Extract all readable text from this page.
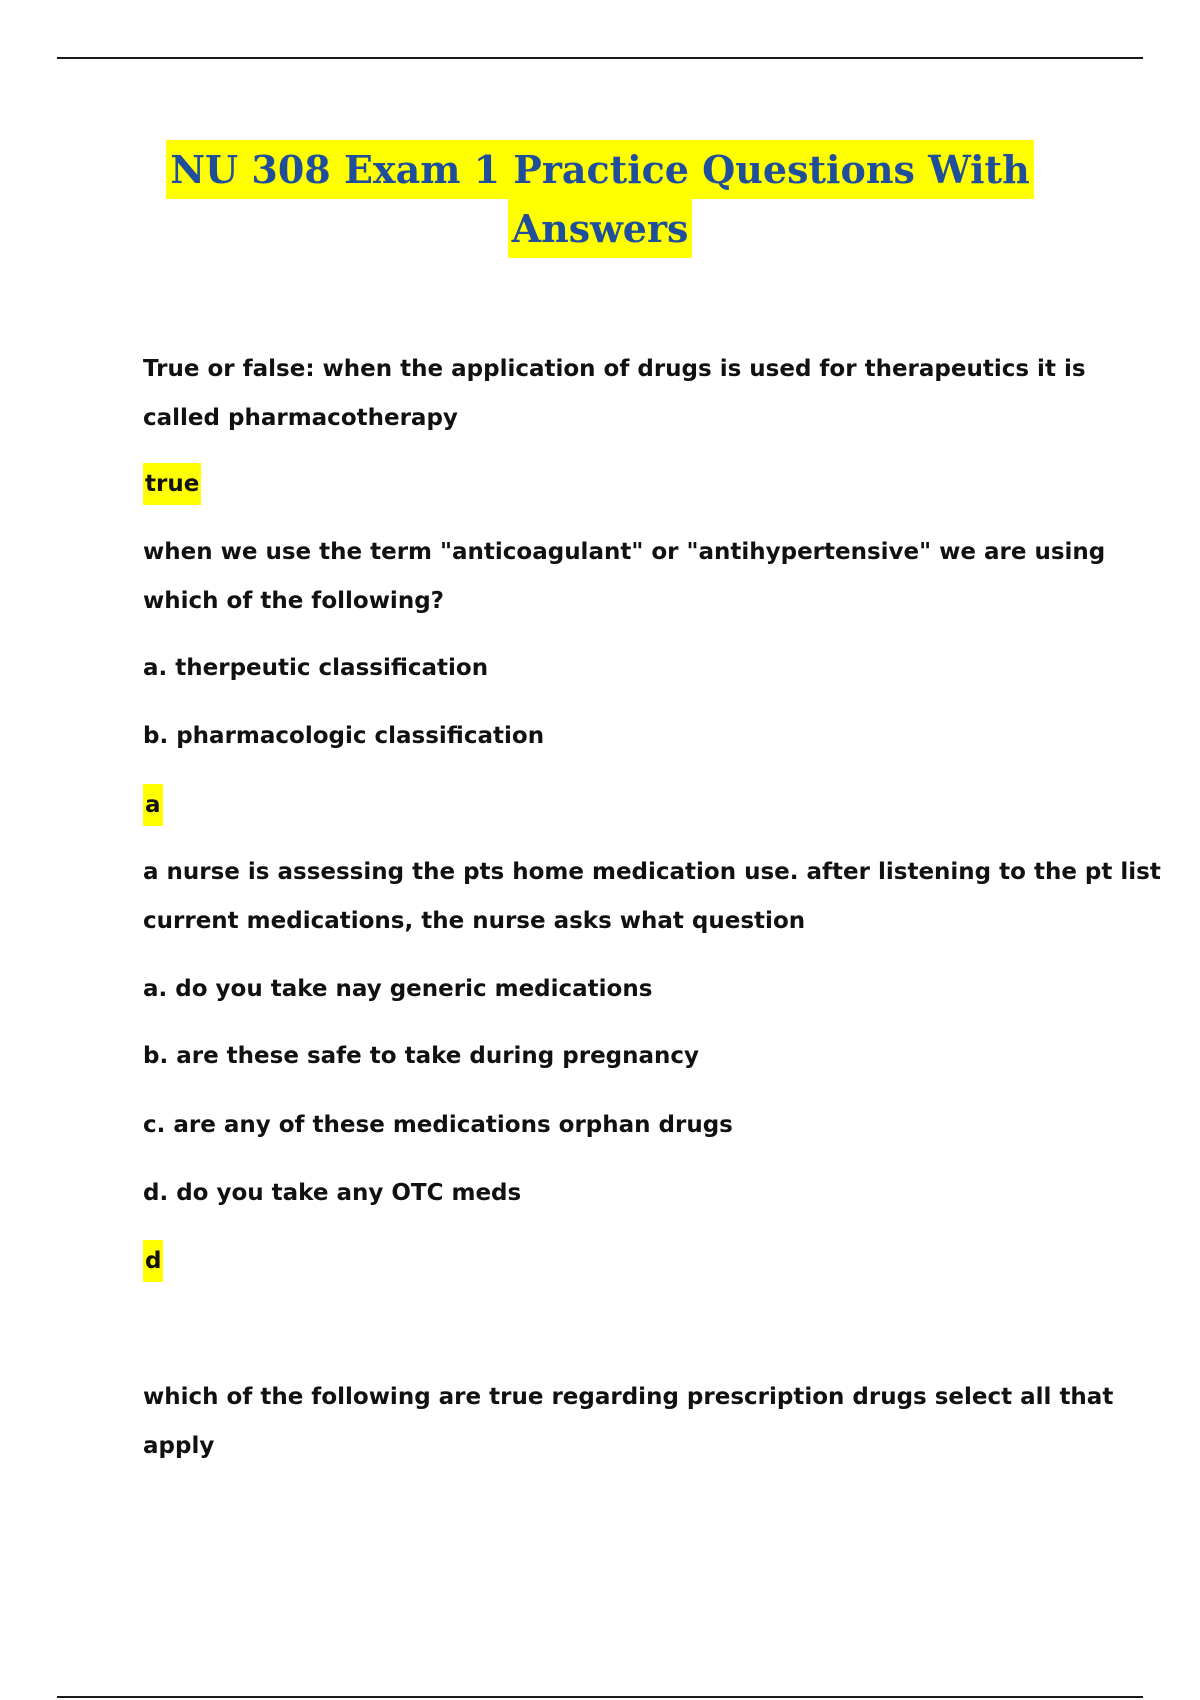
NU 308 Exam 1 Practice Questions With
Answers
True or false: when the application of drugs is used for therapeutics it is
called pharmacotherapy
true
when we use the term "anticoagulant" or "antihypertensive" we are using
which of the following?
a. therpeutic classification
b. pharmacologic classification
a
a nurse is assessing the pts home medication use. after listening to the pt list
current medications, the nurse asks what question
a. do you take nay generic medications
b. are these safe to take during pregnancy
c. are any of these medications orphan drugs
d. do you take any OTC meds
d
which of the following are true regarding prescription drugs select all that
apply
